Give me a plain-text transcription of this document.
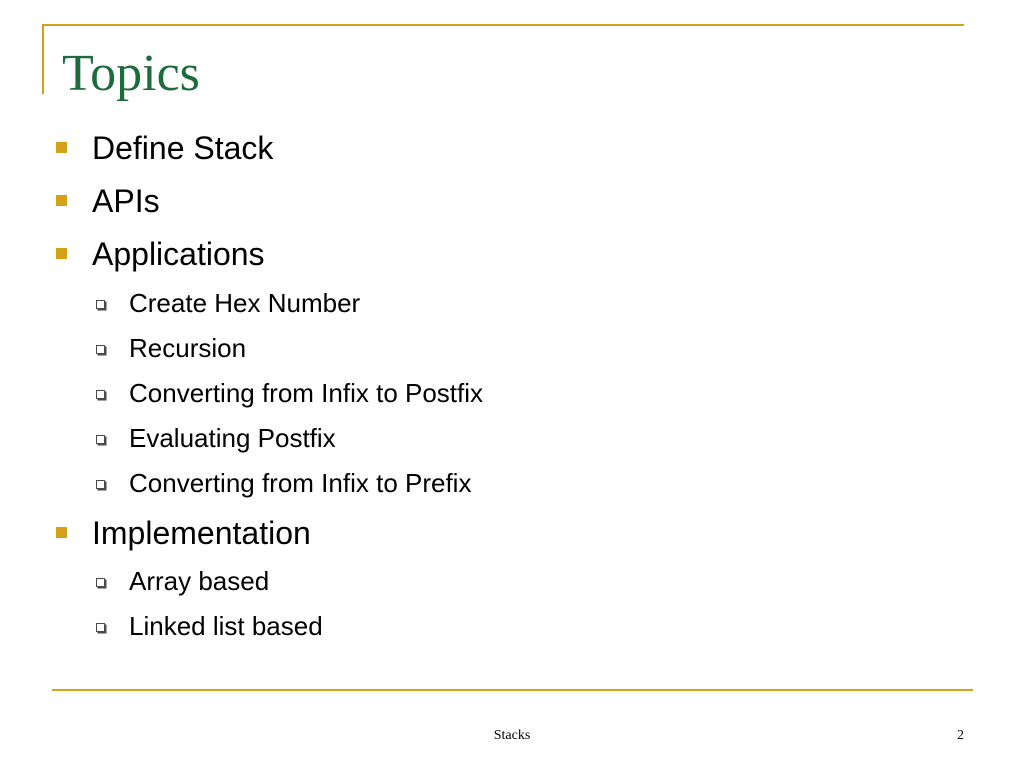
Topics
Define Stack
APIs
Applications
Create Hex Number
Recursion
Converting from Infix to Postfix
Evaluating Postfix
Converting from Infix to Prefix
Implementation
Array based
Linked list based
Stacks	2
